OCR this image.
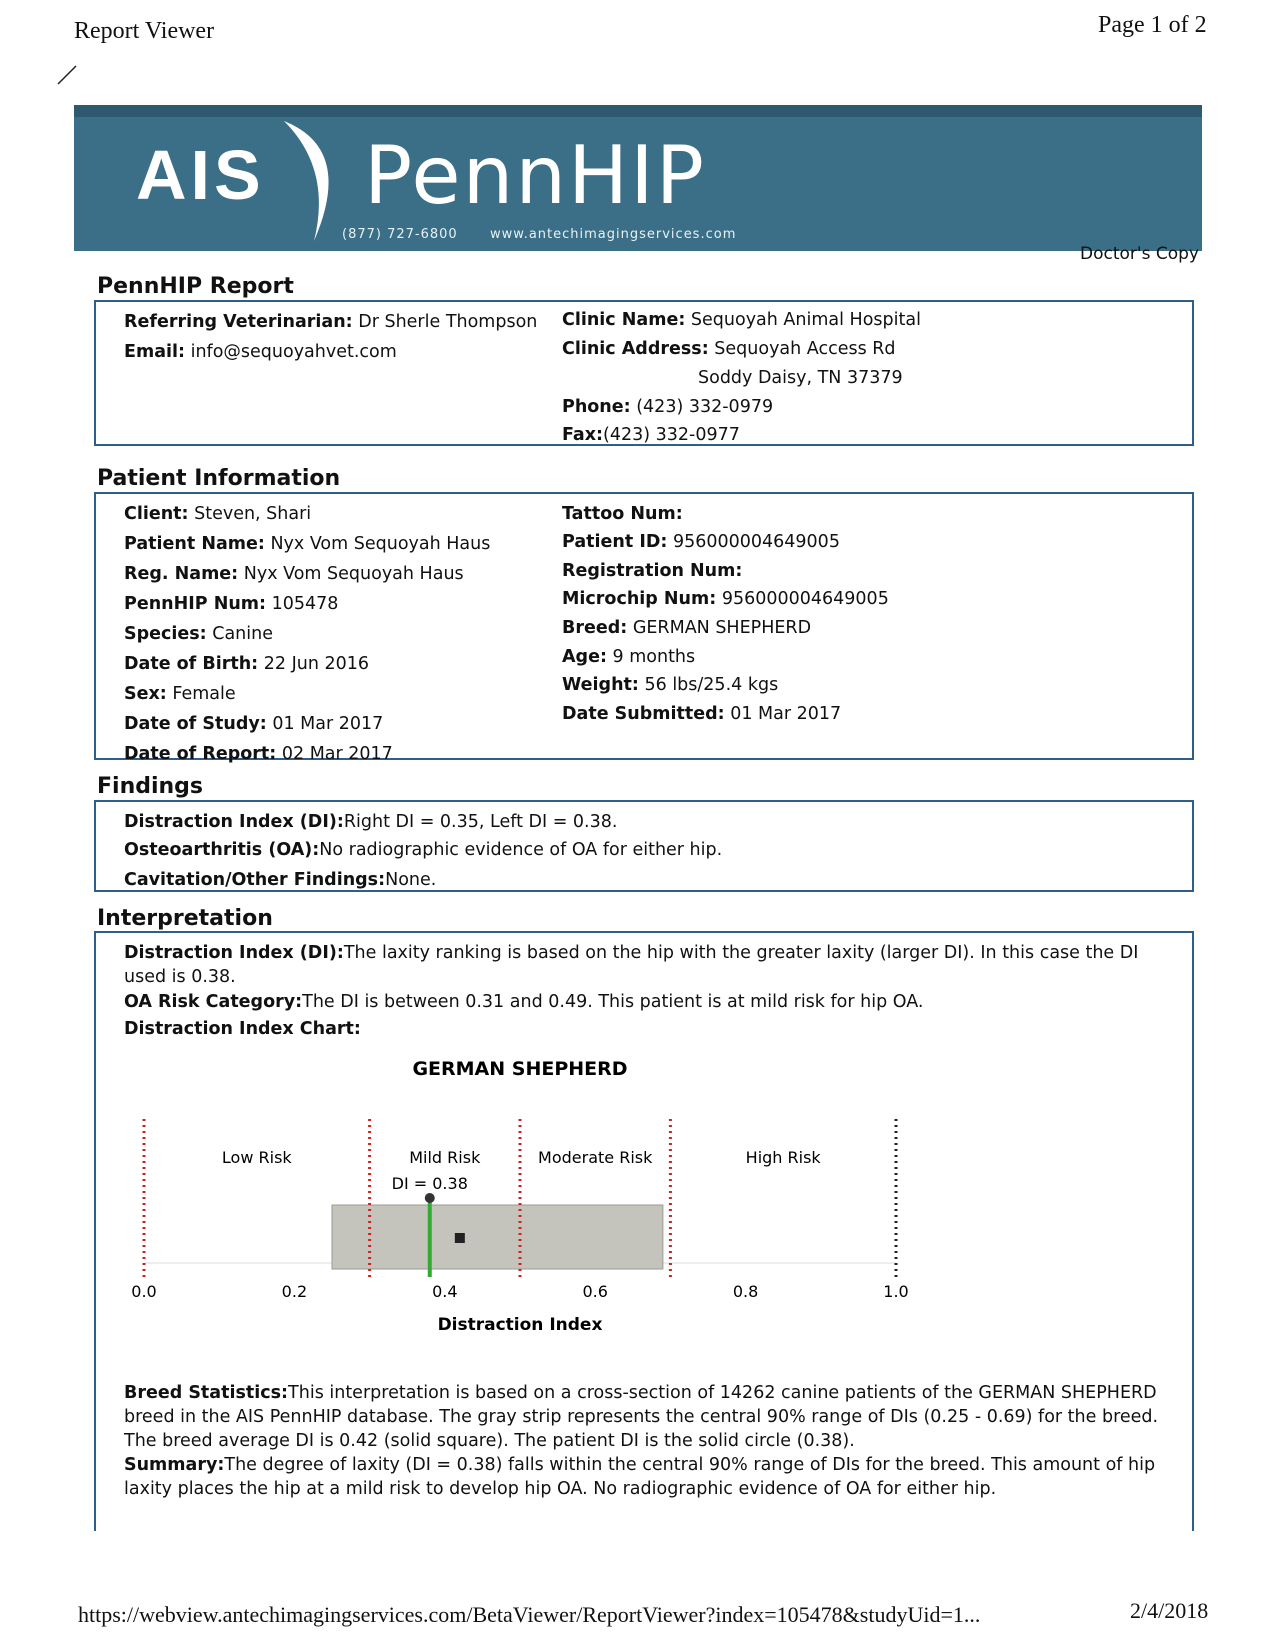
Report Viewer	Page 1 of 2
AIS PennHIP
(877) 727-6800 www.antechimagingservices.com
Doctor's Copy
PennHIP Report
Referring Veterinarian: Dr Sherle Thompson
Email: info@sequoyahvet.com
Clinic Name: Sequoyah Animal Hospital
Clinic Address: Sequoyah Access Rd
Soddy Daisy, TN 37379
Phone: (423) 332-0979
Fax:(423) 332-0977
Patient Information
Client: Steven, Shari
Patient Name: Nyx Vom Sequoyah Haus
Reg. Name: Nyx Vom Sequoyah Haus
PennHIP Num: 105478
Species: Canine
Date of Birth: 22 Jun 2016
Sex: Female
Date of Study: 01 Mar 2017
Date of Report: 02 Mar 2017
Tattoo Num:
Patient ID: 956000004649005
Registration Num:
Microchip Num: 956000004649005
Breed: GERMAN SHEPHERD
Age: 9 months
Weight: 56 lbs/25.4 kgs
Date Submitted: 01 Mar 2017
Findings
Distraction Index (DI):Right DI = 0.35, Left DI = 0.38.
Osteoarthritis (OA):No radiographic evidence of OA for either hip.
Cavitation/Other Findings:None.
Interpretation
Distraction Index (DI):The laxity ranking is based on the hip with the greater laxity (larger DI). In this case the DI used is 0.38.
OA Risk Category:The DI is between 0.31 and 0.49. This patient is at mild risk for hip OA.
Distraction Index Chart:
GERMAN SHEPHERD
Low Risk	Mild Risk	Moderate Risk	High Risk
DI = 0.38
0.0	0.2	0.4	0.6	0.8	1.0
Distraction Index
Breed Statistics:This interpretation is based on a cross-section of 14262 canine patients of the GERMAN SHEPHERD breed in the AIS PennHIP database. The gray strip represents the central 90% range of DIs (0.25 - 0.69) for the breed. The breed average DI is 0.42 (solid square). The patient DI is the solid circle (0.38).
Summary:The degree of laxity (DI = 0.38) falls within the central 90% range of DIs for the breed. This amount of hip laxity places the hip at a mild risk to develop hip OA. No radiographic evidence of OA for either hip.
https://webview.antechimagingservices.com/BetaViewer/ReportViewer?index=105478&studyUid=1...	2/4/2018
